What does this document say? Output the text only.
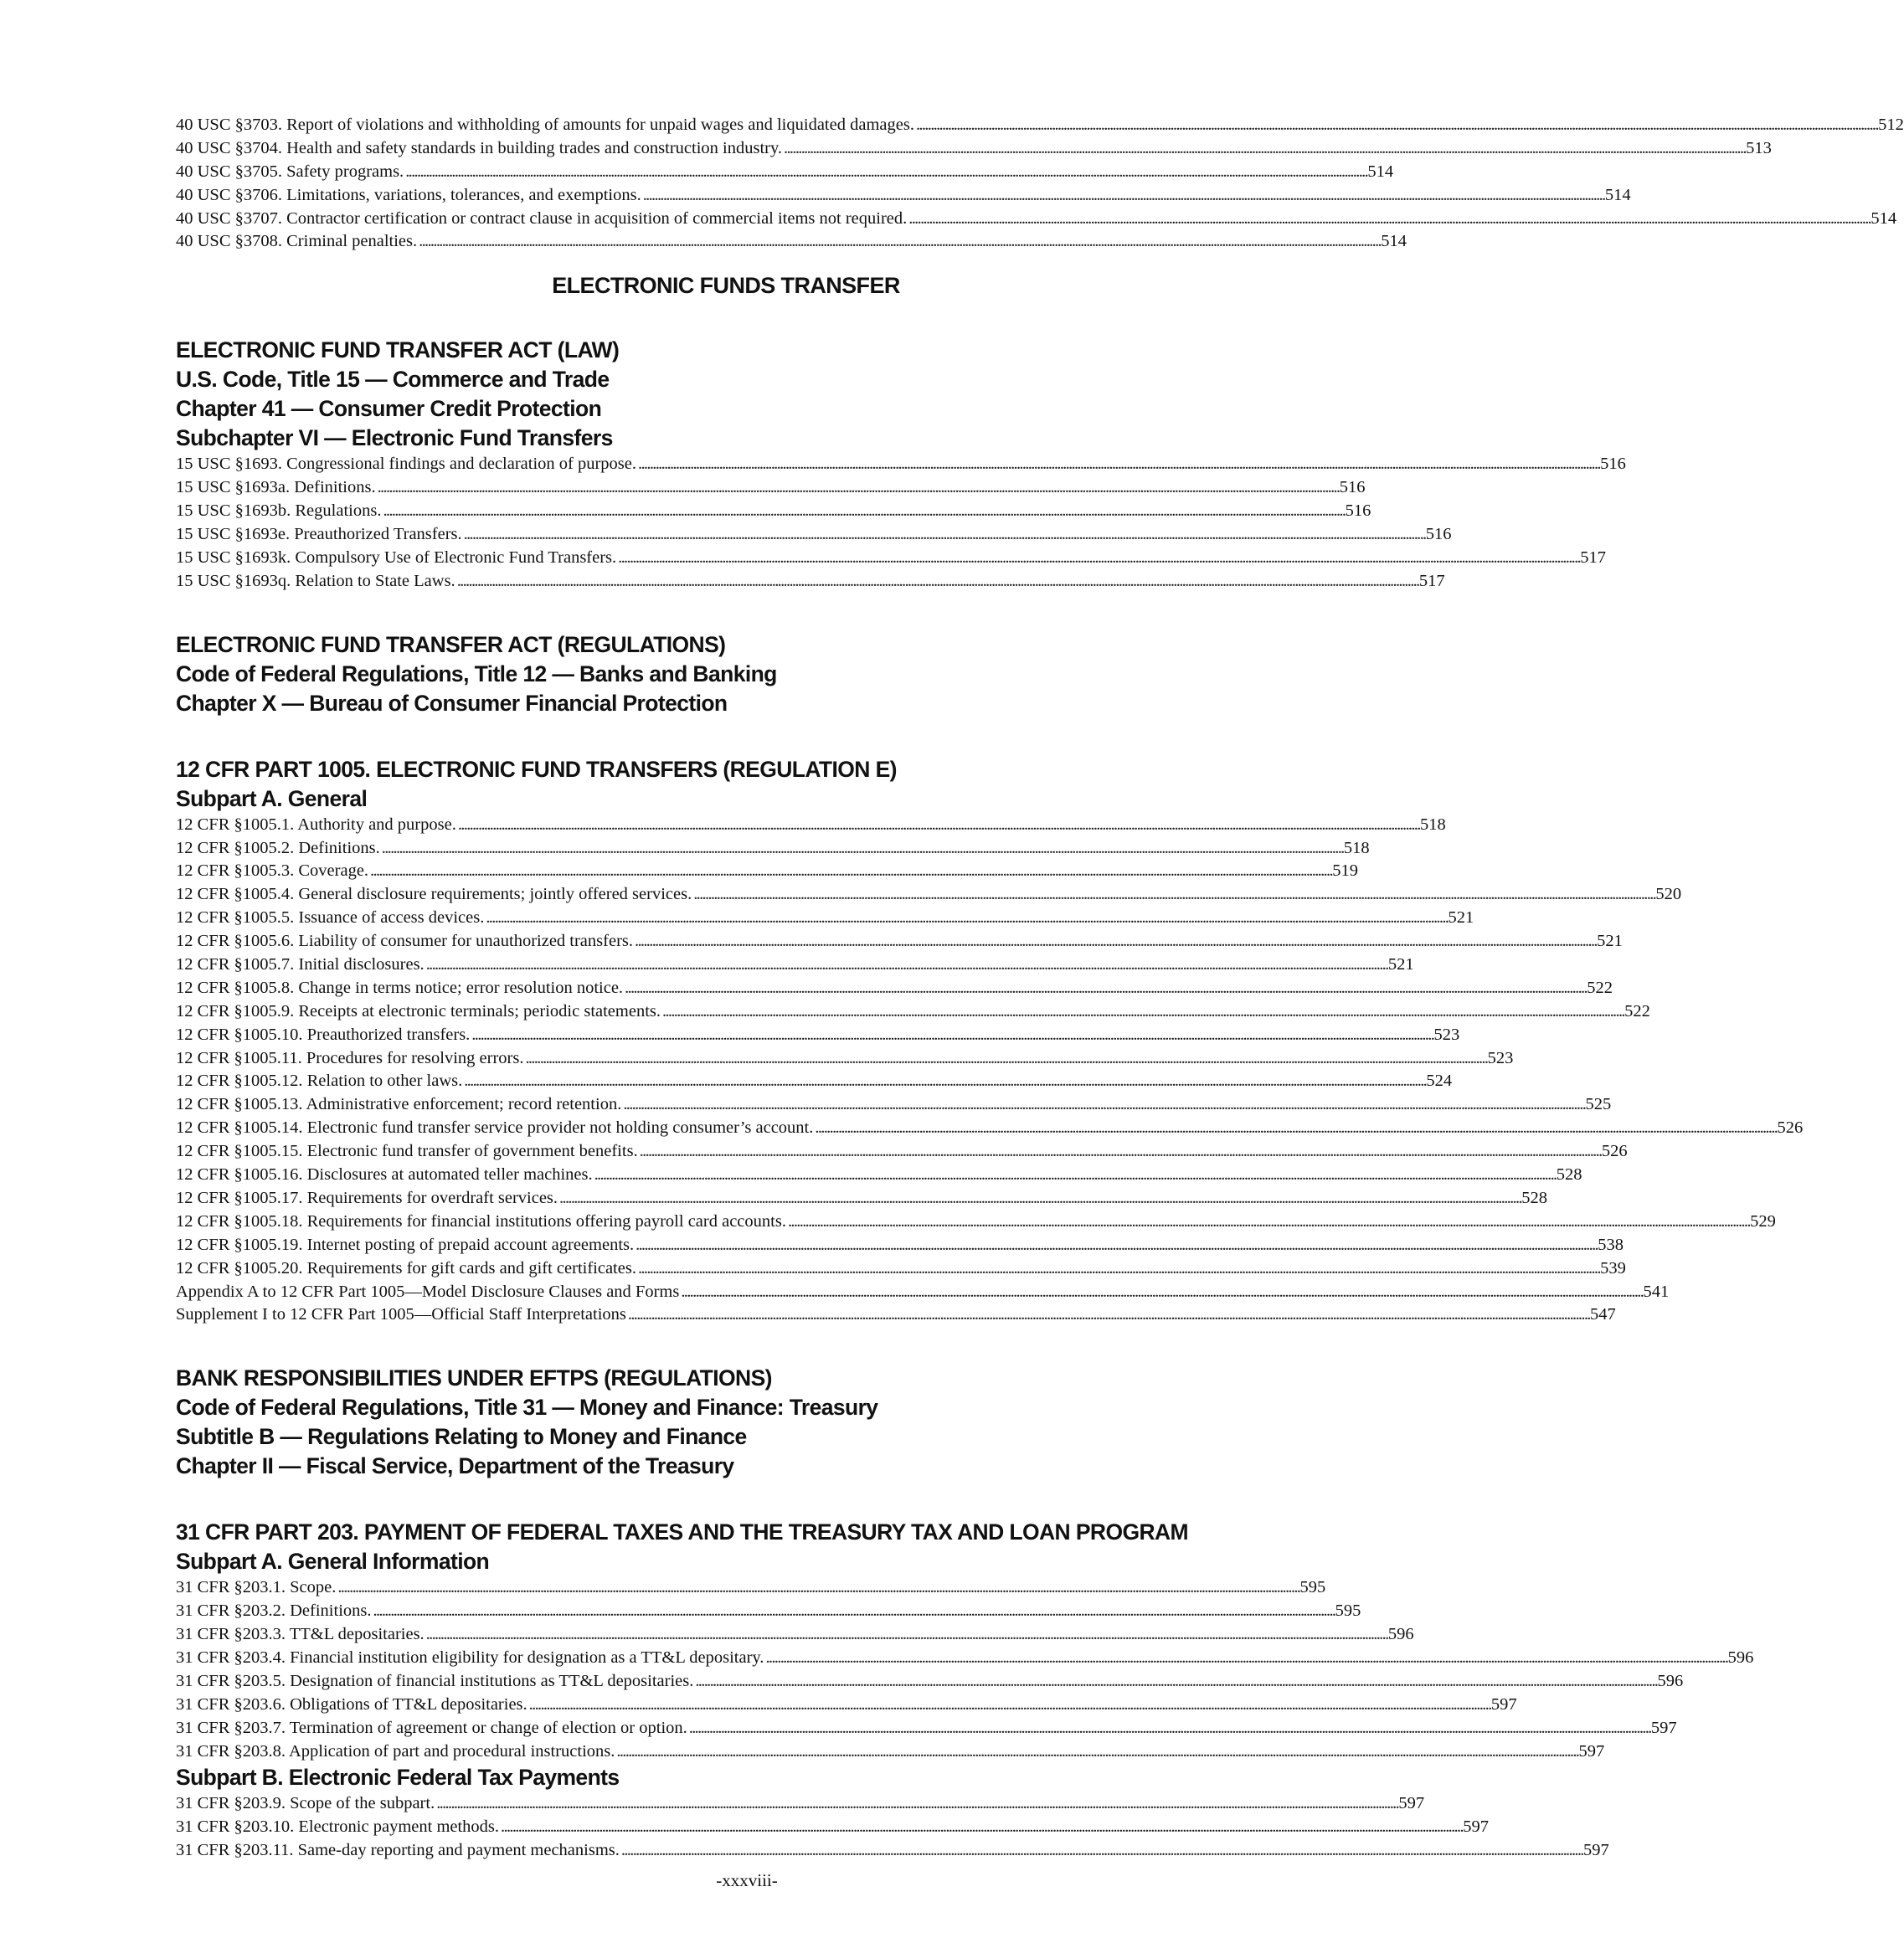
40 USC §3703. Report of violations and withholding of amounts for unpaid wages and liquidated damages. . . .	512
40 USC §3704. Health and safety standards in building trades and construction industry. . . .	513
40 USC §3705. Safety programs. . . .	514
40 USC §3706. Limitations, variations, tolerances, and exemptions. . . .	514
40 USC §3707. Contractor certification or contract clause in acquisition of commercial items not required. . . .	514
40 USC §3708. Criminal penalties. . . .	514
ELECTRONIC FUNDS TRANSFER
ELECTRONIC FUND TRANSFER ACT (LAW)
U.S. Code, Title 15 — Commerce and Trade
Chapter 41 — Consumer Credit Protection
Subchapter VI — Electronic Fund Transfers
15 USC §1693. Congressional findings and declaration of purpose. . . .	516
15 USC §1693a. Definitions. . . .	516
15 USC §1693b. Regulations. . . .	516
15 USC §1693e. Preauthorized Transfers. . . .	516
15 USC §1693k. Compulsory Use of Electronic Fund Transfers. . . .	517
15 USC §1693q. Relation to State Laws. . . .	517
ELECTRONIC FUND TRANSFER ACT (REGULATIONS)
Code of Federal Regulations, Title 12 — Banks and Banking
Chapter X — Bureau of Consumer Financial Protection
12 CFR PART 1005. ELECTRONIC FUND TRANSFERS (REGULATION E)
Subpart A. General
12 CFR §1005.1. Authority and purpose. . . .	518
12 CFR §1005.2. Definitions. . . .	518
12 CFR §1005.3. Coverage. . . .	519
12 CFR §1005.4. General disclosure requirements; jointly offered services. . . .	520
12 CFR §1005.5. Issuance of access devices. . . .	521
12 CFR §1005.6. Liability of consumer for unauthorized transfers. . . .	521
12 CFR §1005.7. Initial disclosures. . . .	521
12 CFR §1005.8. Change in terms notice; error resolution notice. . . .	522
12 CFR §1005.9. Receipts at electronic terminals; periodic statements. . . .	522
12 CFR §1005.10. Preauthorized transfers. . . .	523
12 CFR §1005.11. Procedures for resolving errors. . . .	523
12 CFR §1005.12. Relation to other laws. . . .	524
12 CFR §1005.13. Administrative enforcement; record retention. . . .	525
12 CFR §1005.14. Electronic fund transfer service provider not holding consumer’s account. . . .	526
12 CFR §1005.15. Electronic fund transfer of government benefits. . . .	526
12 CFR §1005.16. Disclosures at automated teller machines. . . .	528
12 CFR §1005.17. Requirements for overdraft services. . . .	528
12 CFR §1005.18. Requirements for financial institutions offering payroll card accounts. . . .	529
12 CFR §1005.19. Internet posting of prepaid account agreements. . . .	538
12 CFR §1005.20. Requirements for gift cards and gift certificates. . . .	539
Appendix A to 12 CFR Part 1005—Model Disclosure Clauses and Forms . . .	541
Supplement I to 12 CFR Part 1005—Official Staff Interpretations . . .	547
BANK RESPONSIBILITIES UNDER EFTPS (REGULATIONS)
Code of Federal Regulations, Title 31 — Money and Finance: Treasury
Subtitle B — Regulations Relating to Money and Finance
Chapter II — Fiscal Service, Department of the Treasury
31 CFR PART 203. PAYMENT OF FEDERAL TAXES AND THE TREASURY TAX AND LOAN PROGRAM
Subpart A. General Information
31 CFR §203.1. Scope. . . .	595
31 CFR §203.2. Definitions. . . .	595
31 CFR §203.3. TT&L depositaries. . . .	596
31 CFR §203.4. Financial institution eligibility for designation as a TT&L depositary. . . .	596
31 CFR §203.5. Designation of financial institutions as TT&L depositaries. . . .	596
31 CFR §203.6. Obligations of TT&L depositaries. . . .	597
31 CFR §203.7. Termination of agreement or change of election or option. . . .	597
31 CFR §203.8. Application of part and procedural instructions. . . .	597
Subpart B. Electronic Federal Tax Payments
31 CFR §203.9. Scope of the subpart. . . .	597
31 CFR §203.10. Electronic payment methods. . . .	597
31 CFR §203.11. Same-day reporting and payment mechanisms. . . .	597
-xxxviii-
